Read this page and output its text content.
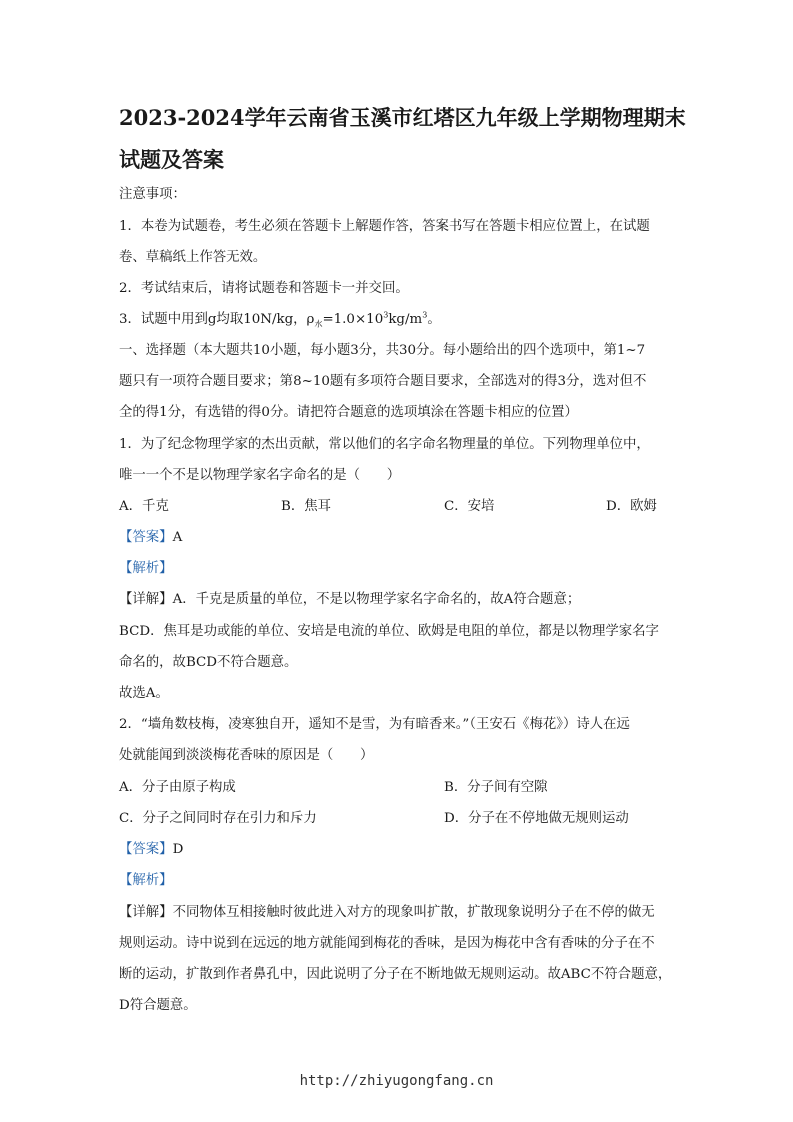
2023-2024学年云南省玉溪市红塔区九年级上学期物理期末
试题及答案
注意事项：
1．本卷为试题卷，考生必须在答题卡上解题作答，答案书写在答题卡相应位置上，在试题
卷、草稿纸上作答无效。
2．考试结束后，请将试题卷和答题卡一并交回。
3．试题中用到g均取10N/kg，$\rho_水=1.0\times 10^3kg/m^3$。
一、选择题（本大题共10小题，每小题3分，共30分。每小题给出的四个选项中，第1~7
题只有一项符合题目要求；第8~10题有多项符合题目要求，全部选对的得3分，选对但不
全的得1分，有选错的得0分。请把符合题意的选项填涂在答题卡相应的位置）
1．为了纪念物理学家的杰出贡献，常以他们的名字命名物理量的单位。下列物理单位中，
唯一一个不是以物理学家名字命名的是（　　）
A．千克	B．焦耳	C．安培	D．欧姆
【答案】A
【解析】
【详解】A．千克是质量的单位，不是以物理学家名字命名的，故A符合题意；
BCD．焦耳是功或能的单位、安培是电流的单位、欧姆是电阻的单位，都是以物理学家名字
命名的，故BCD不符合题意。
故选A。
2．“墙角数枝梅，凌寒独自开，遥知不是雪，为有暗香来。”（王安石《梅花》）诗人在远
处就能闻到淡淡梅花香味的原因是（　　）
A．分子由原子构成	B．分子间有空隙
C．分子之间同时存在引力和斥力	D．分子在不停地做无规则运动
【答案】D
【解析】
【详解】不同物体互相接触时彼此进入对方的现象叫扩散，扩散现象说明分子在不停的做无
规则运动。诗中说到在远远的地方就能闻到梅花的香味，是因为梅花中含有香味的分子在不
断的运动，扩散到作者鼻孔中，因此说明了分子在不断地做无规则运动。故ABC不符合题意，
D符合题意。
http://zhiyugongfang.cn
